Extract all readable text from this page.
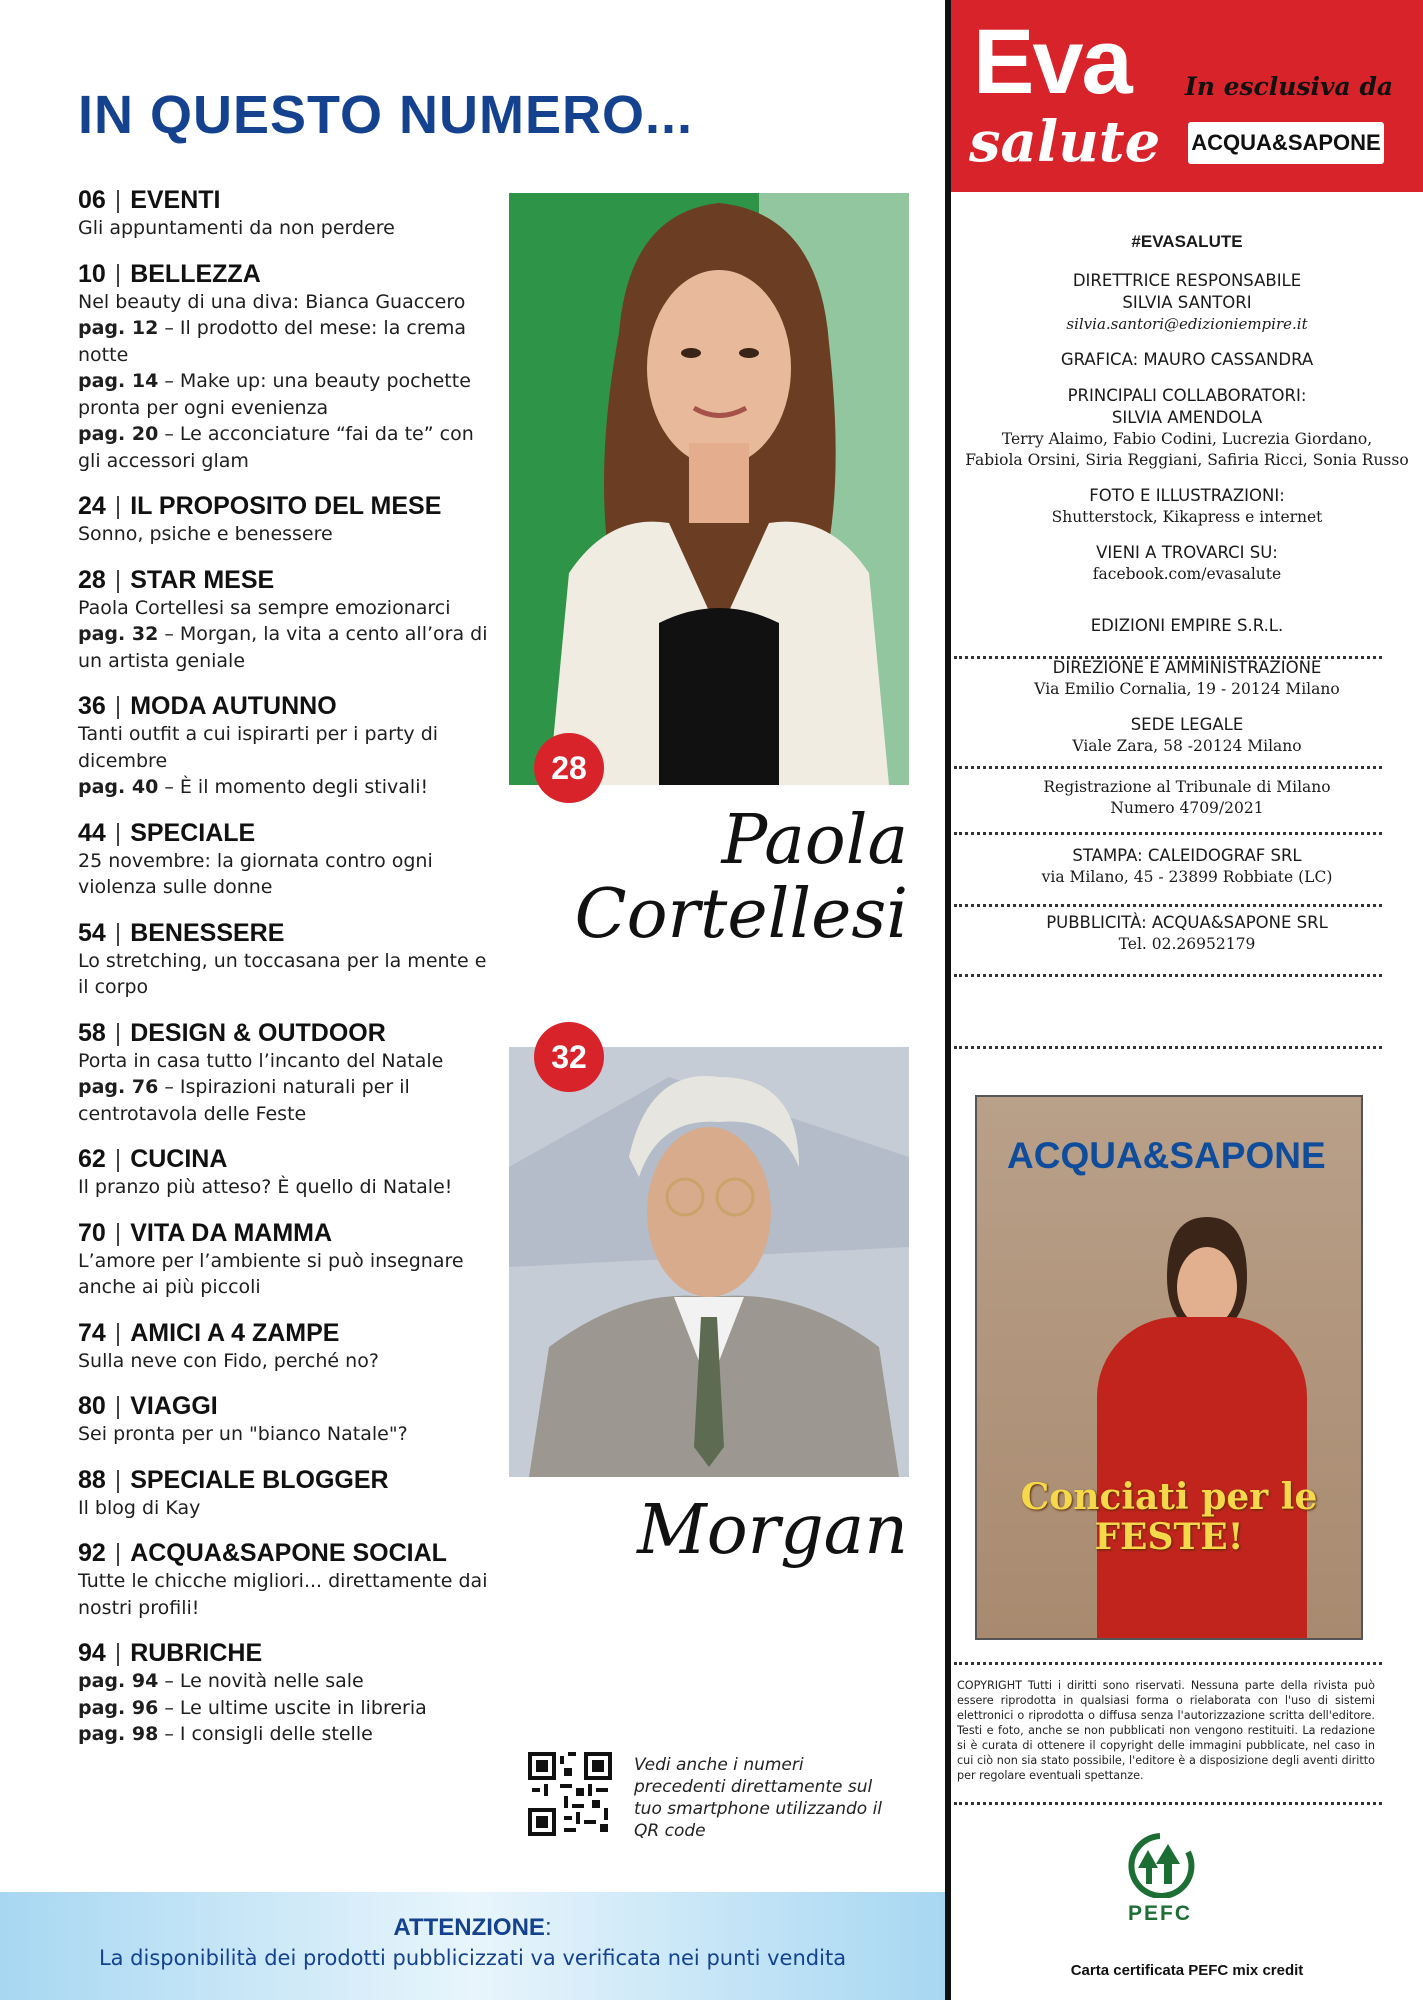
IN QUESTO NUMERO...
06 | EVENTI
Gli appuntamenti da non perdere
10 | BELLEZZA
Nel beauty di una diva: Bianca Guaccero
pag. 12 – Il prodotto del mese: la crema notte
pag. 14 – Make up: una beauty pochette pronta per ogni evenienza
pag. 20 – Le acconciature “fai da te” con gli accessori glam
24 | IL PROPOSITO DEL MESE
Sonno, psiche e benessere
28 | STAR MESE
Paola Cortellesi sa sempre emozionarci
pag. 32 – Morgan, la vita a cento all’ora di un artista geniale
36 | MODA AUTUNNO
Tanti outfit a cui ispirarti per i party di dicembre
pag. 40 – È il momento degli stivali!
44 | SPECIALE
25 novembre: la giornata contro ogni violenza sulle donne
54 | BENESSERE
Lo stretching, un toccasana per la mente e il corpo
58 | DESIGN & OUTDOOR
Porta in casa tutto l’incanto del Natale
pag. 76 – Ispirazioni naturali per il centrotavola delle Feste
62 | CUCINA
Il pranzo più atteso? È quello di Natale!
70 | VITA DA MAMMA
L’amore per l’ambiente si può insegnare anche ai più piccoli
74 | AMICI A 4 ZAMPE
Sulla neve con Fido, perché no?
80 | VIAGGI
Sei pronta per un "bianco Natale"?
88 | SPECIALE BLOGGER
Il blog di Kay
92 | ACQUA&SAPONE SOCIAL
Tutte le chicche migliori... direttamente dai nostri profili!
94 | RUBRICHE
pag. 94 – Le novità nelle sale
pag. 96 – Le ultime uscite in libreria
pag. 98 – I consigli delle stelle
28
Paola
Cortellesi
32
Morgan
Vedi anche i numeri precedenti direttamente sul tuo smartphone utilizzando il QR code
ATTENZIONE:
La disponibilità dei prodotti pubblicizzati va verificata nei punti vendita
Eva
salute
In esclusiva da
ACQUA&SAPONE
#EVASALUTE
DIRETTRICE RESPONSABILE
SILVIA SANTORI
silvia.santori@edizioniempire.it
GRAFICA: MAURO CASSANDRA
PRINCIPALI COLLABORATORI:
SILVIA AMENDOLA
Terry Alaimo, Fabio Codini, Lucrezia Giordano,
Fabiola Orsini, Siria Reggiani, Safiria Ricci, Sonia Russo
FOTO E ILLUSTRAZIONI:
Shutterstock, Kikapress e internet
VIENI A TROVARCI SU:
facebook.com/evasalute
EDIZIONI EMPIRE S.R.L.
DIREZIONE E AMMINISTRAZIONE
Via Emilio Cornalia, 19 - 20124 Milano
SEDE LEGALE
Viale Zara, 58 -20124 Milano
Registrazione al Tribunale di Milano
Numero 4709/2021
STAMPA: CALEIDOGRAF SRL
via Milano, 45 - 23899 Robbiate (LC)
PUBBLICITÀ: ACQUA&SAPONE SRL
Tel. 02.26952179
ACQUA&SAPONE
Conciati per le
FESTE!
COPYRIGHT Tutti i diritti sono riservati. Nessuna parte della rivista può essere riprodotta in qualsiasi forma o rielaborata con l'uso di sistemi elettronici o riprodotta o diffusa senza l'autorizzazione scritta dell'editore. Testi e foto, anche se non pubblicati non vengono restituiti. La redazione si è curata di ottenere il copyright delle immagini pubblicate, nel caso in cui ciò non sia stato possibile, l'editore è a disposizione degli aventi diritto per regolare eventuali spettanze.
PEFC
Carta certificata PEFC mix credit
